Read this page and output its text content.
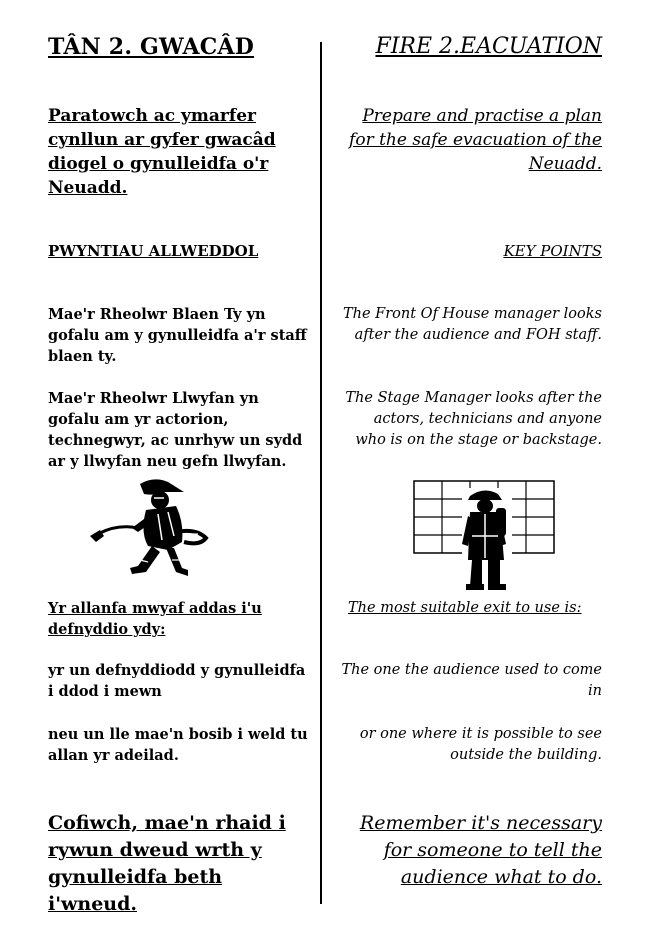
TÂN 2. GWACÂD	FIRE 2.EACUATION
Paratowch ac ymarfer cynllun ar gyfer gwacâd diogel o gynulleidfa o'r Neuadd.
Prepare and practise a plan for the safe evacuation of the Neuadd.
PWYNTIAU ALLWEDDOL	KEY POINTS
Mae'r Rheolwr Blaen Ty yn gofalu am y gynulleidfa a'r staff blaen ty.
Mae'r Rheolwr Llwyfan yn gofalu am yr actorion, technegwyr, ac unrhyw un sydd ar y llwyfan neu gefn llwyfan.
The Front Of House manager looks after the audience and FOH staff.
The Stage Manager looks after the actors, technicians and anyone who is on the stage or backstage.
Yr allanfa mwyaf addas i'u defnyddio ydy:
The most suitable exit to use is:
yr un defnyddiodd y gynulleidfa i ddod i mewn
neu un lle mae'n bosib i weld tu allan yr adeilad.
The one the audience used to come in
or one where it is possible to see outside the building.
Cofiwch, mae'n rhaid i rywun dweud wrth y gynulleidfa beth i'wneud.
Remember it's necessary for someone to tell the audience what to do.
